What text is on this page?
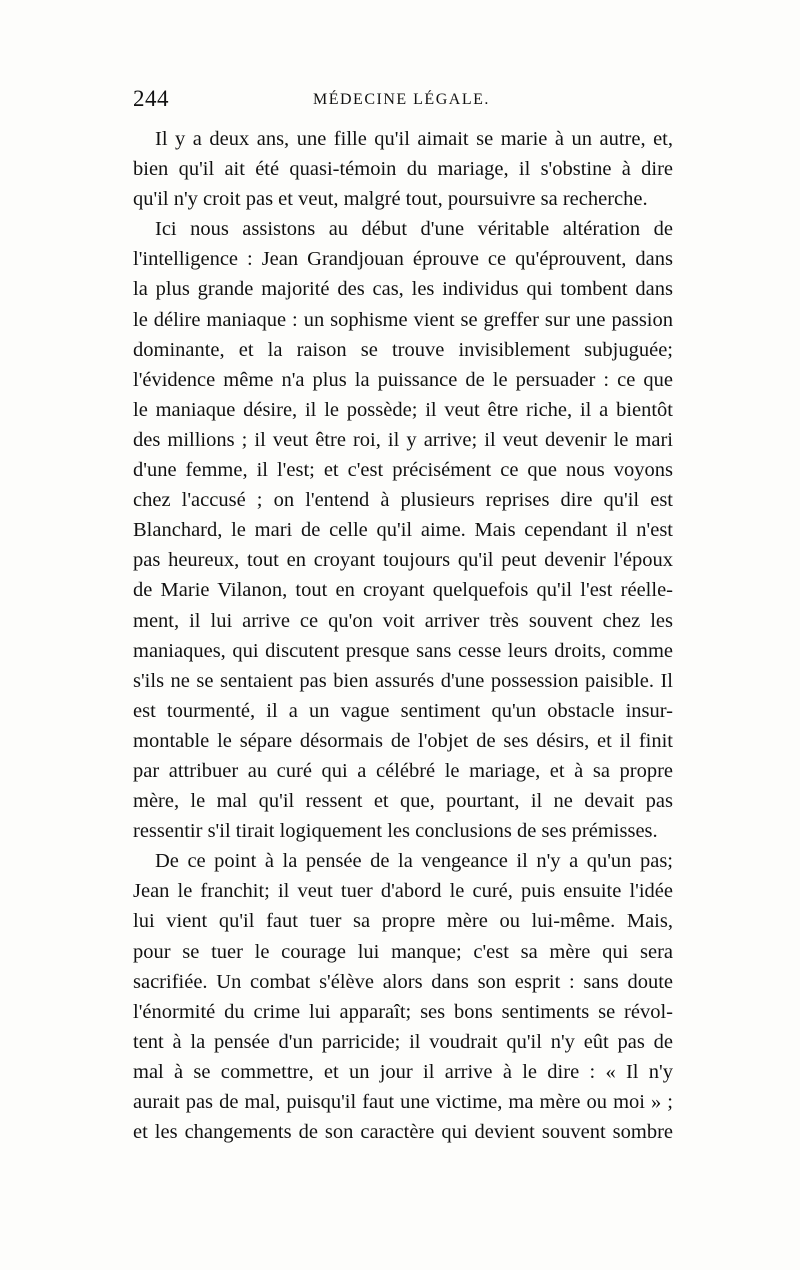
244	MÉDECINE LÉGALE.
Il y a deux ans, une fille qu'il aimait se marie à un autre, et,
bien qu'il ait été quasi-témoin du mariage, il s'obstine à dire
qu'il n'y croit pas et veut, malgré tout, poursuivre sa recherche.
Ici nous assistons au début d'une véritable altération de
l'intelligence : Jean Grandjouan éprouve ce qu'éprouvent, dans
la plus grande majorité des cas, les individus qui tombent dans
le délire maniaque : un sophisme vient se greffer sur une passion
dominante, et la raison se trouve invisiblement subjuguée;
l'évidence même n'a plus la puissance de le persuader : ce que
le maniaque désire, il le possède; il veut être riche, il a bientôt
des millions ; il veut être roi, il y arrive; il veut devenir le mari
d'une femme, il l'est; et c'est précisément ce que nous voyons
chez l'accusé ; on l'entend à plusieurs reprises dire qu'il est
Blanchard, le mari de celle qu'il aime. Mais cependant il n'est
pas heureux, tout en croyant toujours qu'il peut devenir l'époux
de Marie Vilanon, tout en croyant quelquefois qu'il l'est réelle-
ment, il lui arrive ce qu'on voit arriver très souvent chez les
maniaques, qui discutent presque sans cesse leurs droits, comme
s'ils ne se sentaient pas bien assurés d'une possession paisible. Il
est tourmenté, il a un vague sentiment qu'un obstacle insur-
montable le sépare désormais de l'objet de ses désirs, et il finit
par attribuer au curé qui a célébré le mariage, et à sa propre
mère, le mal qu'il ressent et que, pourtant, il ne devait pas
ressentir s'il tirait logiquement les conclusions de ses prémisses.
De ce point à la pensée de la vengeance il n'y a qu'un pas;
Jean le franchit; il veut tuer d'abord le curé, puis ensuite l'idée
lui vient qu'il faut tuer sa propre mère ou lui-même. Mais,
pour se tuer le courage lui manque; c'est sa mère qui sera
sacrifiée. Un combat s'élève alors dans son esprit : sans doute
l'énormité du crime lui apparaît; ses bons sentiments se révol-
tent à la pensée d'un parricide; il voudrait qu'il n'y eût pas de
mal à se commettre, et un jour il arrive à le dire : « Il n'y
aurait pas de mal, puisqu'il faut une victime, ma mère ou moi » ;
et les changements de son caractère qui devient souvent sombre
